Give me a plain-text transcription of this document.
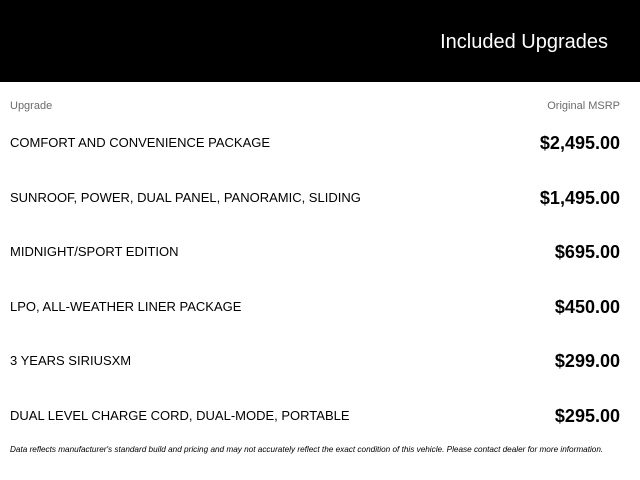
Included Upgrades
Upgrade	Original MSRP
COMFORT AND CONVENIENCE PACKAGE	$2,495.00
SUNROOF, POWER, DUAL PANEL, PANORAMIC, SLIDING	$1,495.00
MIDNIGHT/SPORT EDITION	$695.00
LPO, ALL-WEATHER LINER PACKAGE	$450.00
3 YEARS SIRIUSXM	$299.00
DUAL LEVEL CHARGE CORD, DUAL-MODE, PORTABLE	$295.00
Data reflects manufacturer's standard build and pricing and may not accurately reflect the exact condition of this vehicle. Please contact dealer for more information.
